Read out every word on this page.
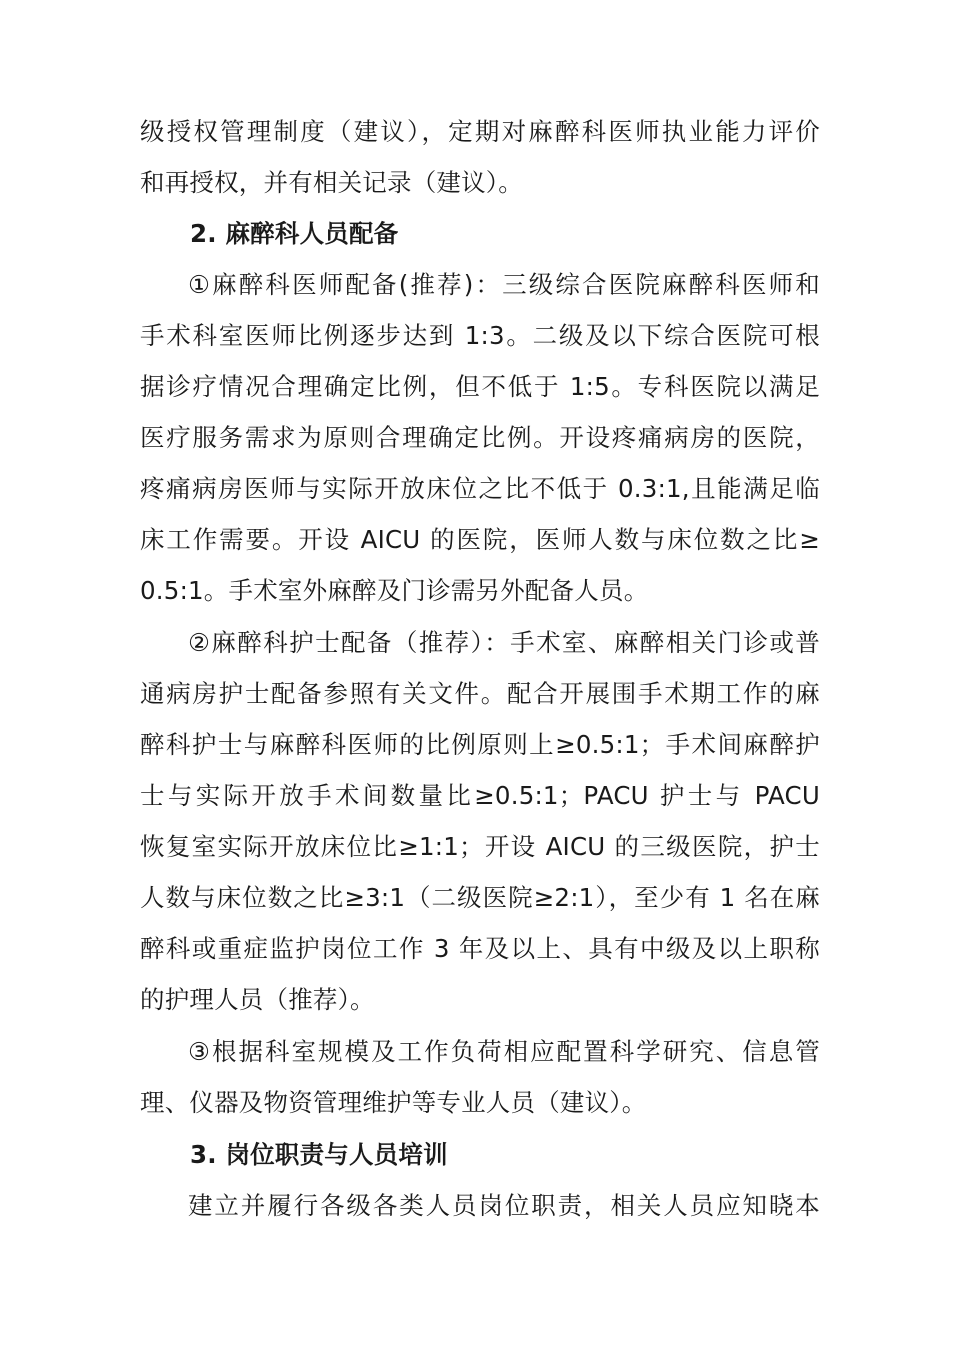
级授权管理制度（建议），定期对麻醉科医师执业能力评价
和再授权，并有相关记录（建议）。
2. 麻醉科人员配备
①麻醉科医师配备(推荐)：三级综合医院麻醉科医师和
手术科室医师比例逐步达到 1:3。二级及以下综合医院可根
据诊疗情况合理确定比例，但不低于 1:5。专科医院以满足
医疗服务需求为原则合理确定比例。开设疼痛病房的医院，
疼痛病房医师与实际开放床位之比不低于 0.3:1,且能满足临
床工作需要。开设 AICU 的医院，医师人数与床位数之比≥
0.5:1。手术室外麻醉及门诊需另外配备人员。
②麻醉科护士配备（推荐）：手术室、麻醉相关门诊或普
通病房护士配备参照有关文件。配合开展围手术期工作的麻
醉科护士与麻醉科医师的比例原则上≥0.5:1；手术间麻醉护
士与实际开放手术间数量比≥0.5:1；PACU 护士与 PACU
恢复室实际开放床位比≥1:1；开设 AICU 的三级医院，护士
人数与床位数之比≥3:1（二级医院≥2:1），至少有 1 名在麻
醉科或重症监护岗位工作 3 年及以上、具有中级及以上职称
的护理人员（推荐）。
③根据科室规模及工作负荷相应配置科学研究、信息管
理、仪器及物资管理维护等专业人员（建议）。
3. 岗位职责与人员培训
建立并履行各级各类人员岗位职责，相关人员应知晓本
